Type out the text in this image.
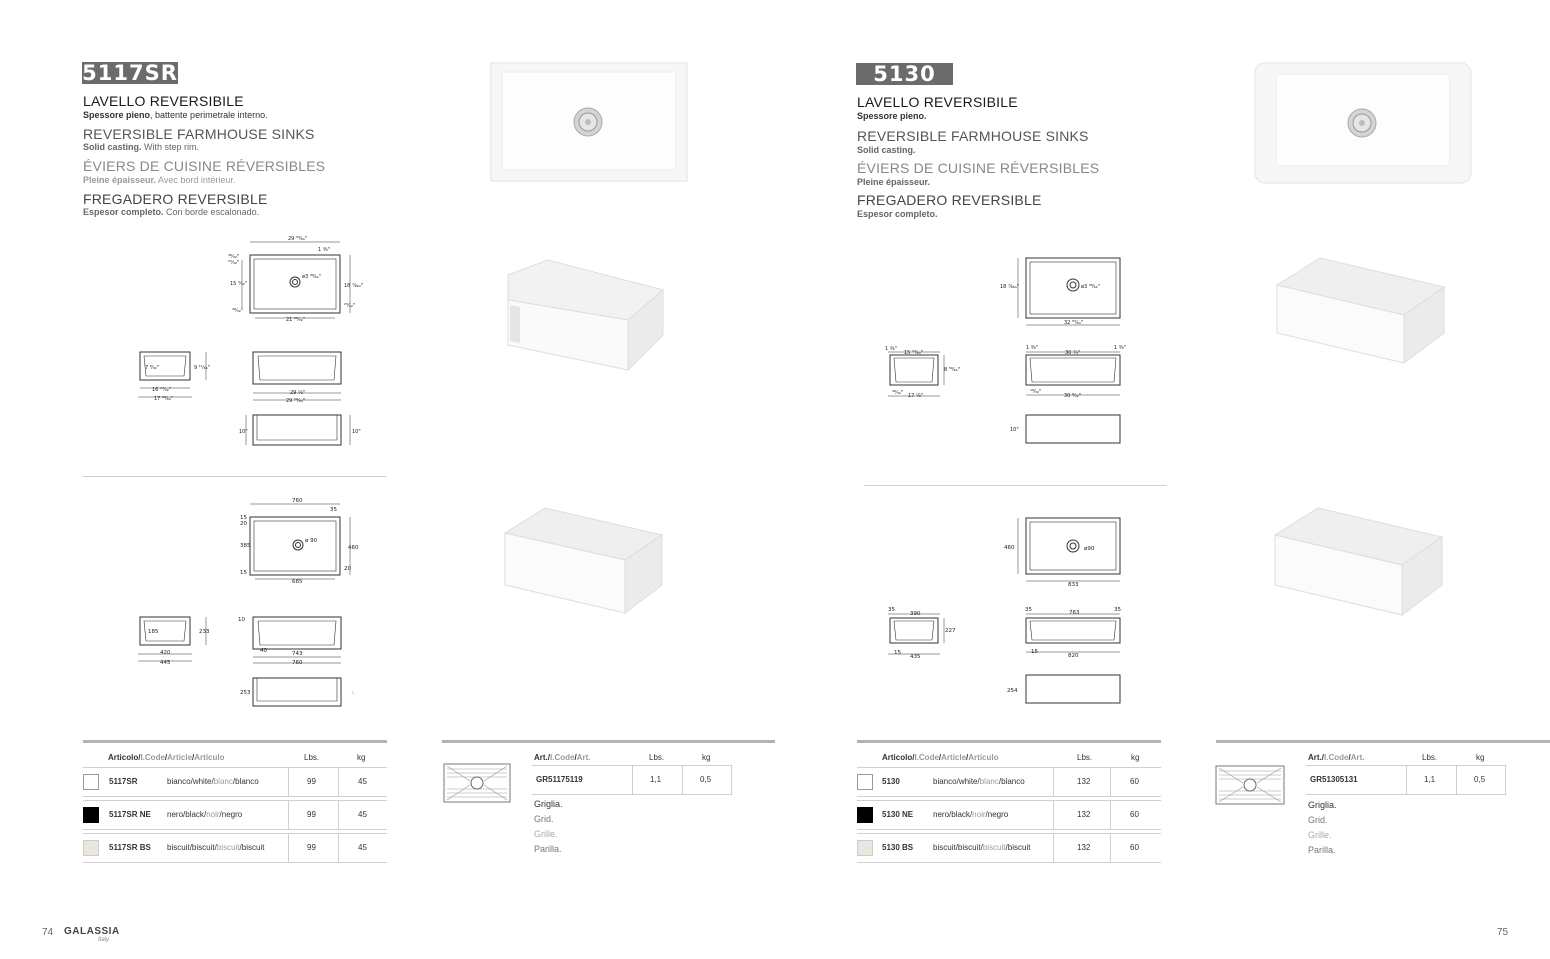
5117SR
LAVELLO REVERSIBILE
Spessore pieno, battente perimetrale interno.
REVERSIBLE FARMHOUSE SINKS
Solid casting. With step rim.
ÉVIERS DE CUISINE RÉVERSIBLES
Pleine épaisseur. Avec bord intérieur.
FREGADERO REVERSIBLE
Espesor completo. Con borde escalonado.
29 ⁵⁹⁄₆₄"
1 ⅜"
⁴⁶⁄₃₂"
²⁵⁄₃₂"
15 ⁵⁄₃₂"
ø3 ³⁹⁄₆₄"
18 ⅞₆₄"
²⁵⁄₃₂"
⁴⁶⁄₃₂"
21 ²⁵⁄₃₂"
7 ⁹⁄₃₂"	9 ¹¹⁄₆₄"
16 ¹⁷⁄₃₂"
17 ³³⁄₆₄"
29 ⅛"
29 ⁵⁹⁄₆₄"
10"	10"
760
35
15
20
385
ø 90
460
20
15
685
185	233
420
445
10
40	743
760
253	:
Articolo/I.Code/Article/Artículo	Lbs.	kg
5117SR	bianco/white/blanc/blanco	99	45
5117SR NE nero/black/noir/negro	99	45
5117SR BS biscuit/biscuit/biscuit/biscuit	99	45
Art./I.Code/Art.	Lbs.	kg
GR51175119	1,1	0,5
Griglia.
Grid.
Grille.
Parilla.
5130
LAVELLO REVERSIBILE
Spessore pieno.
REVERSIBLE FARMHOUSE SINKS
Solid casting.
ÉVIERS DE CUISINE RÉVERSIBLES
Pleine épaisseur.
FREGADERO REVERSIBLE
Espesor completo.
18 ⅞₆₄"	ø3 ³⁹⁄₆₄"
32 ⁵⁵⁄₆₄"
1 ⅜"
15 ²³⁄₆₄"
8 ⁵⁹⁄₆₄"
⁴⁶⁄₃₂" 17 ⅛"
1 ⅜"
30 ¾"
1 ⅜"
¹⁹⁄₃₂"
30 ⁹⁄₃₂"
10"
460	ø90
833
35
390
227
15
435
35	763	35
15
820
254
Articolo/I.Code/Article/Artículo	Lbs.	kg
5130	bianco/white/blanc/blanco	132	60
5130 NE nero/black/noir/negro	132	60
5130 BS biscuit/biscuit/biscuit/biscuit	132	60
Art./I.Code/Art.	Lbs.	kg
GR51305131	1,1	0,5
Griglia.
Grid.
Grille.
Parilla.
74 GALASSIA
Italy
75
